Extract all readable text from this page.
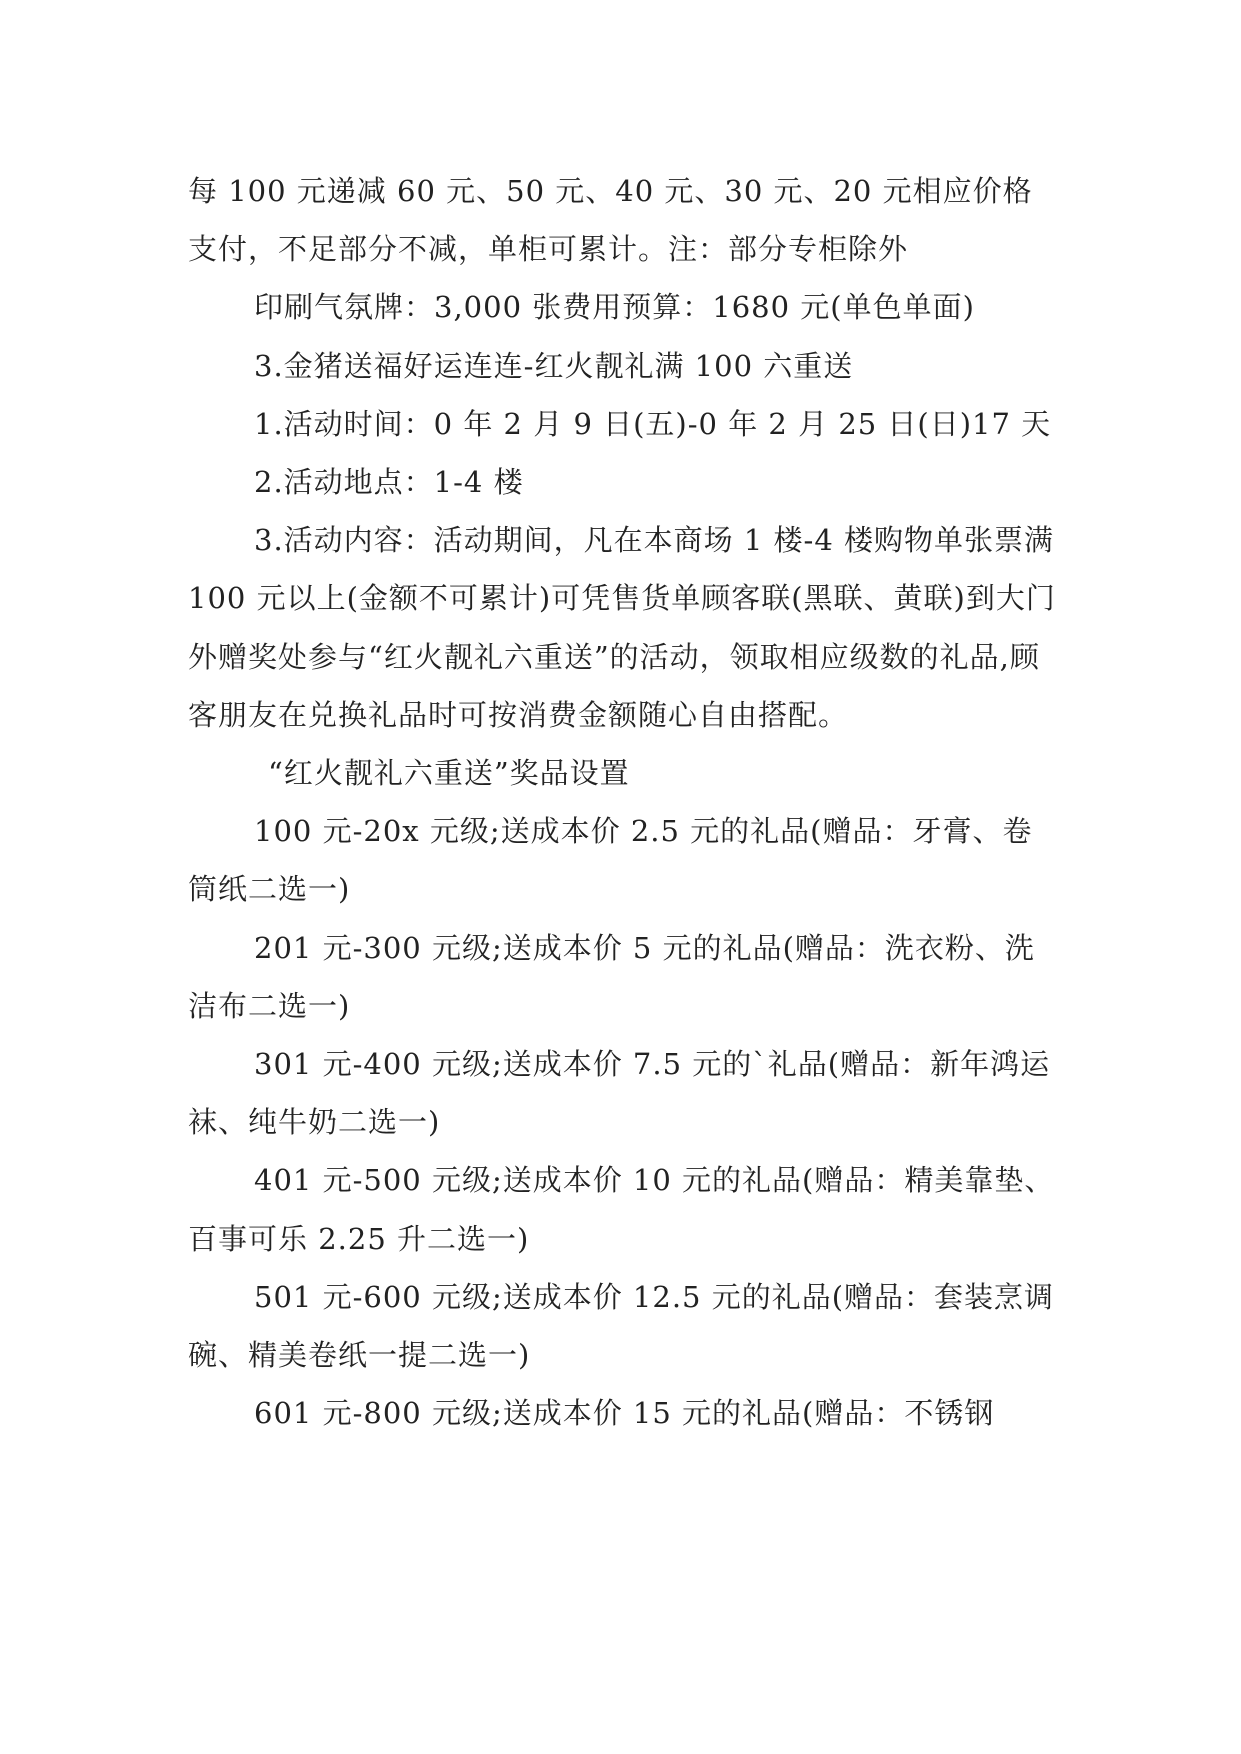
每 100 元递减 60 元、50 元、40 元、30 元、20 元相应价格支付，不足部分不减，单柜可累计。注：部分专柜除外

印刷气氛牌：3,000 张费用预算：1680 元(单色单面)

3.金猪送福好运连连-红火靓礼满 100 六重送

1.活动时间：0 年 2 月 9 日(五)-0 年 2 月 25 日(日)17 天

2.活动地点：1-4 楼

3.活动内容：活动期间，凡在本商场 1 楼-4 楼购物单张票满 100 元以上(金额不可累计)可凭售货单顾客联(黑联、黄联)到大门外赠奖处参与“红火靓礼六重送”的活动，领取相应级数的礼品,顾客朋友在兑换礼品时可按消费金额随心自由搭配。

“红火靓礼六重送”奖品设置

100 元-20x 元级;送成本价 2.5 元的礼品(赠品：牙膏、卷筒纸二选一)

201 元-300 元级;送成本价 5 元的礼品(赠品：洗衣粉、洗洁布二选一)

301 元-400 元级;送成本价 7.5 元的`礼品(赠品：新年鸿运袜、纯牛奶二选一)

401 元-500 元级;送成本价 10 元的礼品(赠品：精美靠垫、百事可乐 2.25 升二选一)

501 元-600 元级;送成本价 12.5 元的礼品(赠品：套装烹调碗、精美卷纸一提二选一)

601 元-800 元级;送成本价 15 元的礼品(赠品：不锈钢
